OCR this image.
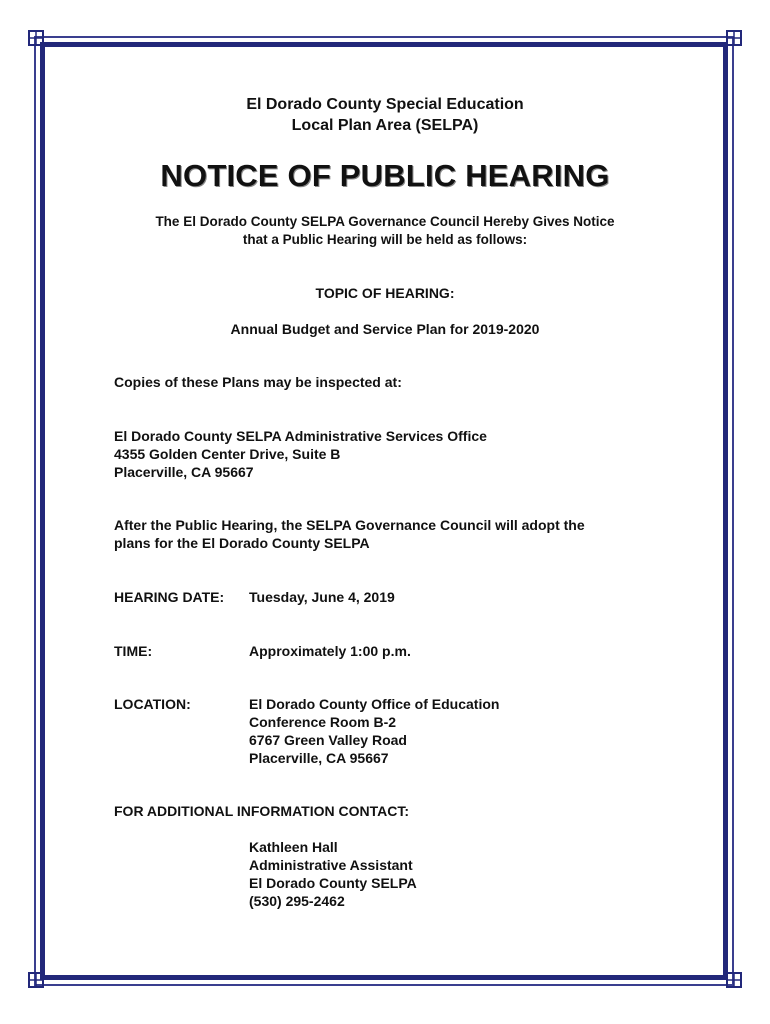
El Dorado County Special Education
Local Plan Area (SELPA)
NOTICE OF PUBLIC HEARING
The El Dorado County SELPA Governance Council Hereby Gives Notice
that a Public Hearing will be held as follows:
TOPIC OF HEARING:
Annual Budget and Service Plan for 2019-2020
Copies of these Plans may be inspected at:
El Dorado County SELPA Administrative Services Office
4355 Golden Center Drive, Suite B
Placerville, CA 95667
After the Public Hearing, the SELPA Governance Council will adopt the
plans for the El Dorado County SELPA
HEARING DATE: Tuesday, June 4, 2019
TIME:	Approximately 1:00 p.m.
LOCATION:	El Dorado County Office of Education
Conference Room B-2
6767 Green Valley Road
Placerville, CA 95667
FOR ADDITIONAL INFORMATION CONTACT:
Kathleen Hall
Administrative Assistant
El Dorado County SELPA
(530) 295-2462
